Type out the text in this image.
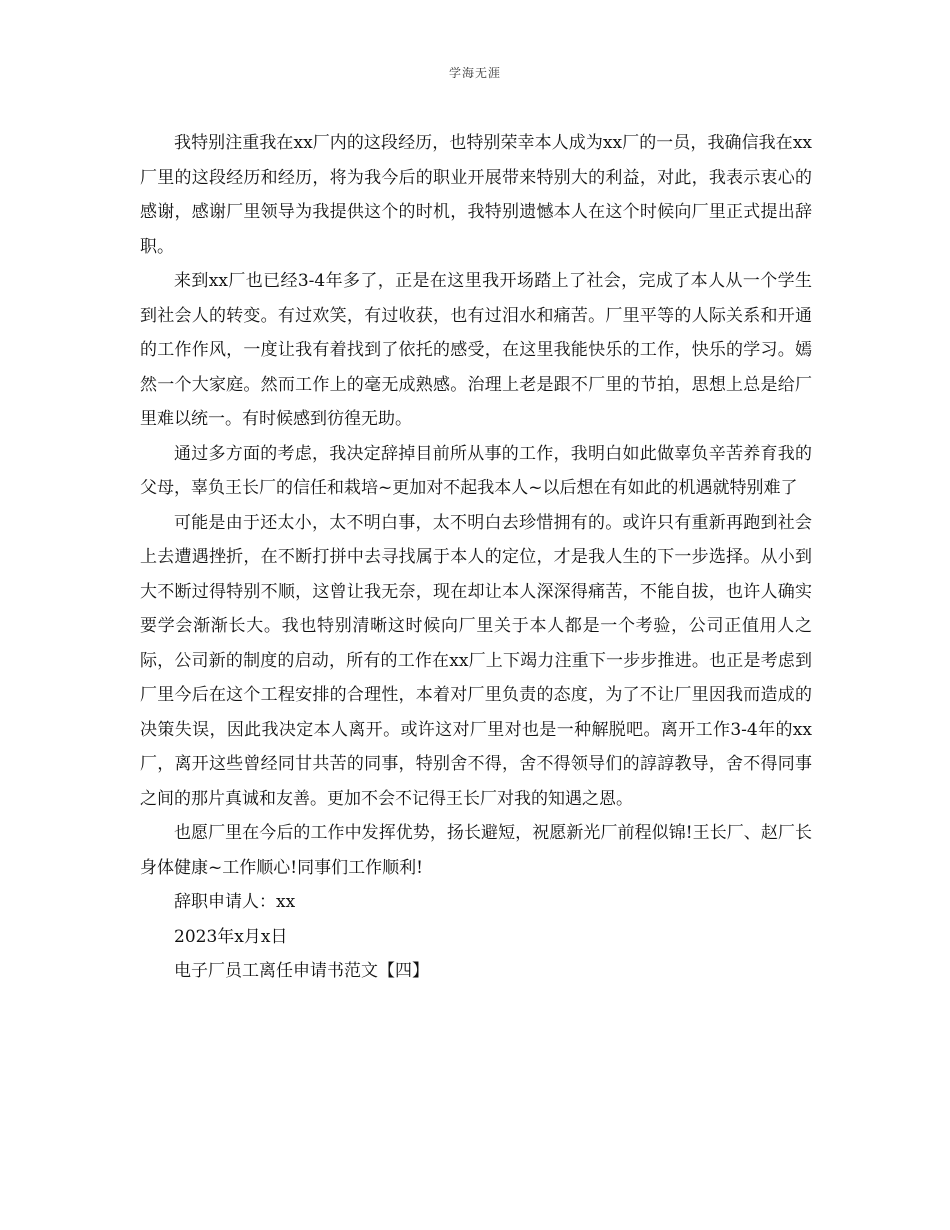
学海无涯

我特别注重我在xx厂内的这段经历，也特别荣幸本人成为xx厂的一员，我确信我在xx厂里的这段经历和经历，将为我今后的职业开展带来特别大的利益，对此，我表示衷心的感谢，感谢厂里领导为我提供这个的时机，我特别遗憾本人在这个时候向厂里正式提出辞职。

来到xx厂也已经3-4年多了，正是在这里我开场踏上了社会，完成了本人从一个学生到社会人的转变。有过欢笑，有过收获，也有过泪水和痛苦。厂里平等的人际关系和开通的工作作风，一度让我有着找到了依托的感受，在这里我能快乐的工作，快乐的学习。嫣然一个大家庭。然而工作上的毫无成熟感。治理上老是跟不厂里的节拍，思想上总是给厂里难以统一。有时候感到彷徨无助。

通过多方面的考虑，我决定辞掉目前所从事的工作，我明白如此做辜负辛苦养育我的父母，辜负王长厂的信任和栽培~更加对不起我本人~以后想在有如此的机遇就特别难了

可能是由于还太小，太不明白事，太不明白去珍惜拥有的。或许只有重新再跑到社会上去遭遇挫折，在不断打拼中去寻找属于本人的定位，才是我人生的下一步选择。从小到大不断过得特别不顺，这曾让我无奈，现在却让本人深深得痛苦，不能自拔，也许人确实要学会渐渐长大。我也特别清晰这时候向厂里关于本人都是一个考验，公司正值用人之际，公司新的制度的启动，所有的工作在xx厂上下竭力注重下一步步推进。也正是考虑到厂里今后在这个工程安排的合理性，本着对厂里负责的态度，为了不让厂里因我而造成的决策失误，因此我决定本人离开。或许这对厂里对也是一种解脱吧。离开工作3-4年的xx厂，离开这些曾经同甘共苦的同事，特别舍不得，舍不得领导们的諄諄教导，舍不得同事之间的那片真诚和友善。更加不会不记得王长厂对我的知遇之恩。

也愿厂里在今后的工作中发挥优势，扬长避短，祝愿新光厂前程似锦!王长厂、赵厂长身体健康~工作顺心!同事们工作顺利!

辞职申请人：xx

2023年x月x日

电子厂员工离任申请书范文【四】
